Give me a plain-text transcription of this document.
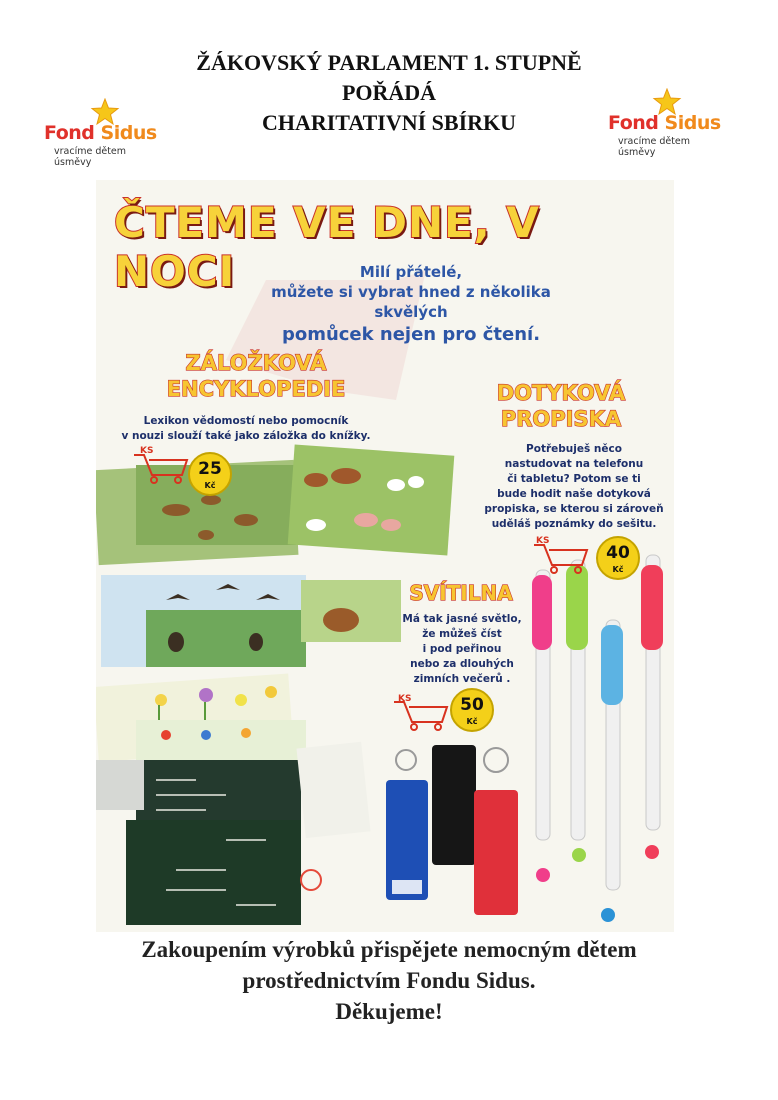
ŽÁKOVSKÝ PARLAMENT 1. STUPNĚ
POŘÁDÁ
CHARITATIVNÍ SBÍRKU
Fond Sidus
vracíme dětem úsměvy
Fond Sidus
vracíme dětem úsměvy
ČTEME VE DNE, V NOCI	Milí přátelé,
můžete si vybrat hned z několika skvělých
pomůcek nejen pro čtení.
ZÁLOŽKOVÁ
ENCYKLOPEDIE
Lexikon vědomostí nebo pomocník
v nouzi slouží také jako záložka do knížky.
KS
25
Kč
DOTYKOVÁ
PROPISKA
Potřebuješ něco
nastudovat na telefonu
či tabletu? Potom se ti
bude hodit naše dotyková
propiska, se kterou si zároveň
uděláš poznámky do sešitu.
KS
40
Kč
SVÍTILNA
Má tak jasné světlo,
že můžeš číst
i pod peřinou
nebo za dlouhých
zimních večerů .
KS	50
Kč
Zakoupením výrobků přispějete nemocným dětem
prostřednictvím Fondu Sidus.
Děkujeme!
